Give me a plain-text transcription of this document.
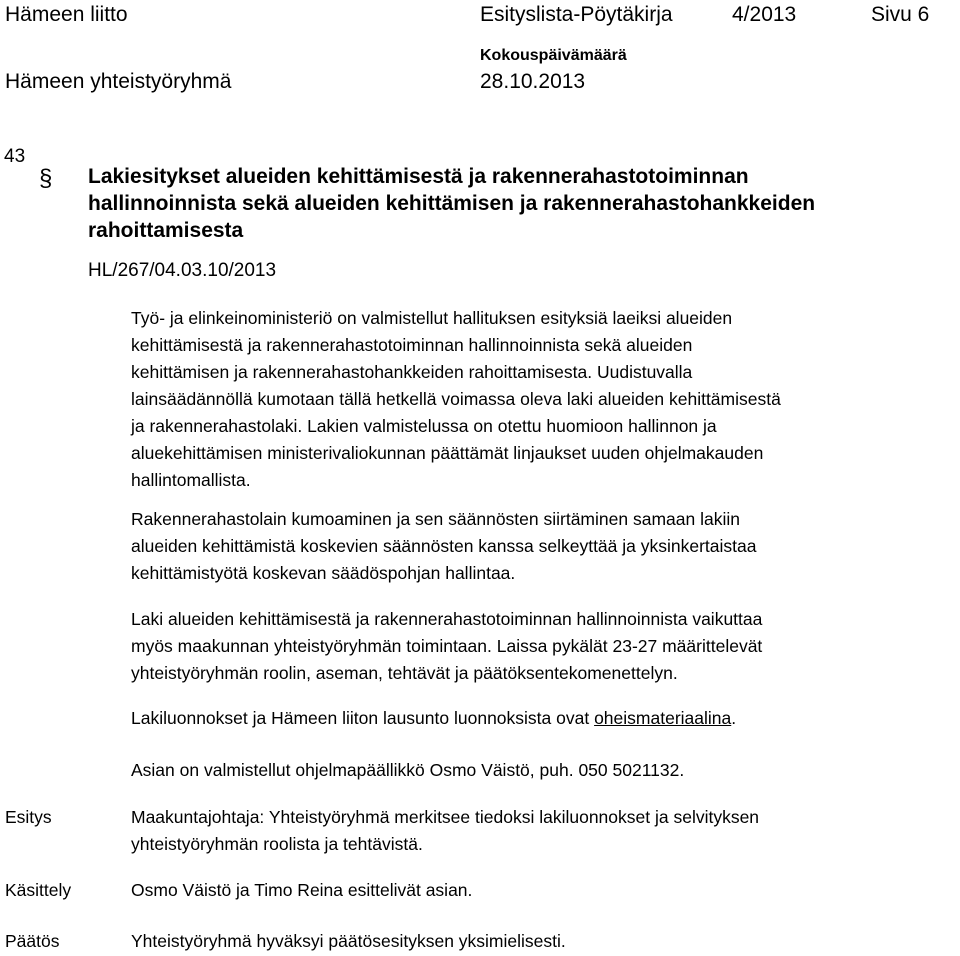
Hämeen liitto	Esityslista-Pöytäkirja	4/2013	Sivu 6
Kokouspäivämäärä
Hämeen yhteistyöryhmä	28.10.2013
43
§ Lakiesitykset alueiden kehittämisestä ja rakennerahastotoiminnan
hallinnoinnista sekä alueiden kehittämisen ja rakennerahastohankkeiden
rahoittamisesta
HL/267/04.03.10/2013
Työ- ja elinkeinoministeriö on valmistellut hallituksen esityksiä laeiksi alueiden
kehittämisestä ja rakennerahastotoiminnan hallinnoinnista sekä alueiden
kehittämisen ja rakennerahastohankkeiden rahoittamisesta. Uudistuvalla
lainsäädännöllä kumotaan tällä hetkellä voimassa oleva laki alueiden kehittämisestä
ja rakennerahastolaki. Lakien valmistelussa on otettu huomioon hallinnon ja
aluekehittämisen ministerivaliokunnan päättämät linjaukset uuden ohjelmakauden
hallintomallista.
Rakennerahastolain kumoaminen ja sen säännösten siirtäminen samaan lakiin
alueiden kehittämistä koskevien säännösten kanssa selkeyttää ja yksinkertaistaa
kehittämistyötä koskevan säädöspohjan hallintaa.
Laki alueiden kehittämisestä ja rakennerahastotoiminnan hallinnoinnista vaikuttaa
myös maakunnan yhteistyöryhmän toimintaan. Laissa pykälät 23-27 määrittelevät
yhteistyöryhmän roolin, aseman, tehtävät ja päätöksentekomenettelyn.
Lakiluonnokset ja Hämeen liiton lausunto luonnoksista ovat oheismateriaalina.
Asian on valmistellut ohjelmapäällikkö Osmo Väistö, puh. 050 5021132.
Esitys	Maakuntajohtaja: Yhteistyöryhmä merkitsee tiedoksi lakiluonnokset ja selvityksen
yhteistyöryhmän roolista ja tehtävistä.
Käsittely	Osmo Väistö ja Timo Reina esittelivät asian.
Päätös	Yhteistyöryhmä hyväksyi päätösesityksen yksimielisesti.
